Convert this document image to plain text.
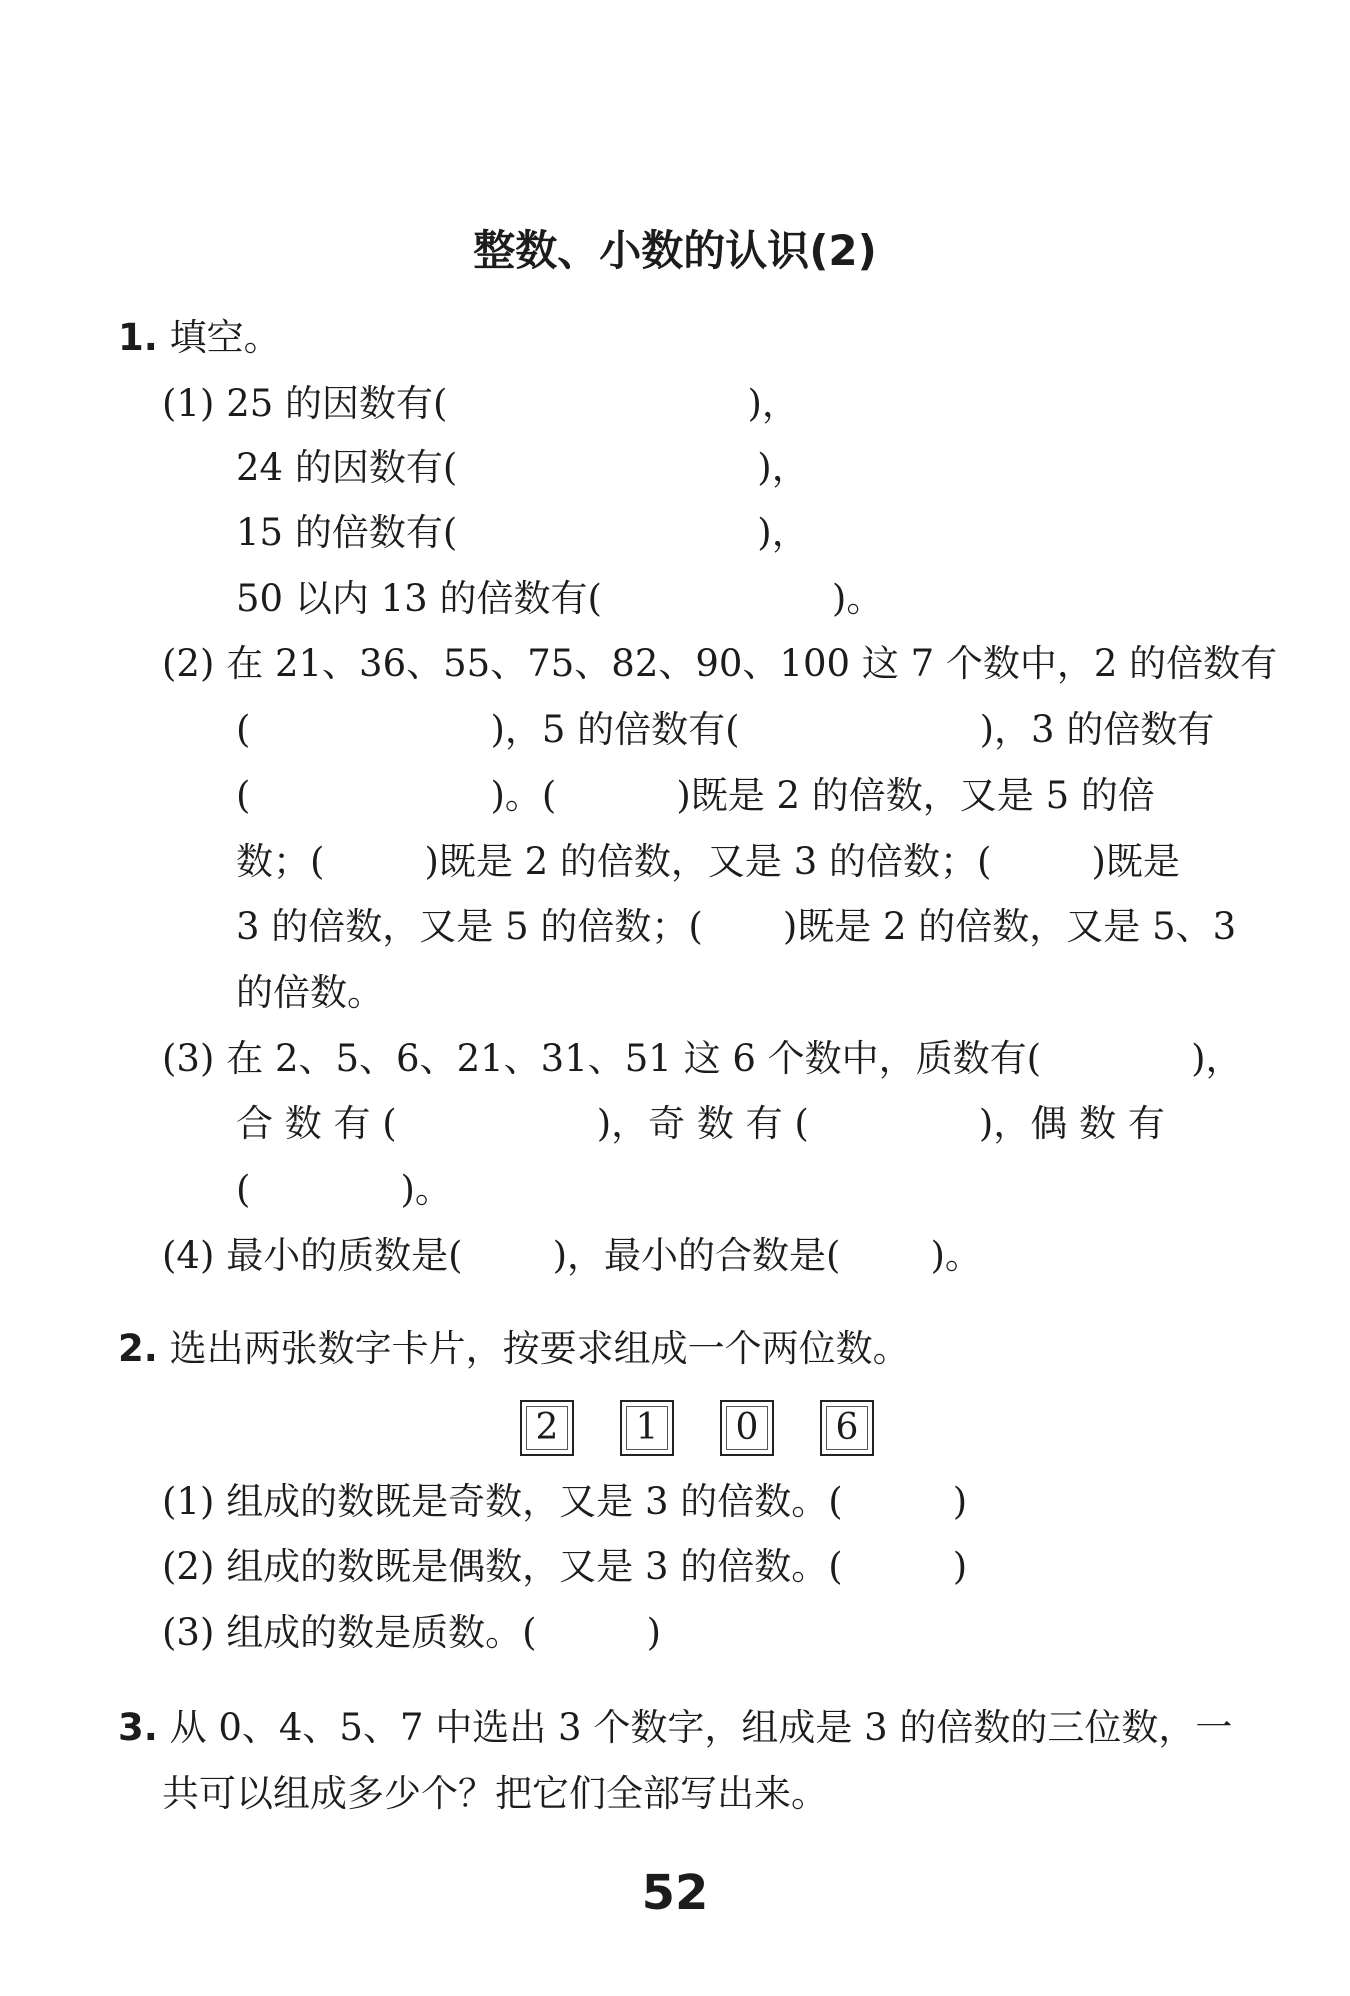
整数、小数的认识(2)
1. 填空。
(1) 25 的因数有(	)，
24 的因数有(	)，
15 的倍数有(	)，
50 以内 13 的倍数有(	)。
(2) 在 21、36、55、75、82、90、100 这 7 个数中，2 的倍数有
(	)，5 的倍数有(	)，3 的倍数有
(	)。(	)既是 2 的倍数，又是 5 的倍
数；(	)既是 2 的倍数，又是 3 的倍数；(	)既是
3 的倍数，又是 5 的倍数；( )既是 2 的倍数，又是 5、3
的倍数。
(3) 在 2、5、6、21、31、51 这 6 个数中，质数有(	)，
合 数 有 (	)，奇 数 有 (	)，偶 数 有
(	)。
(4) 最小的质数是( )，最小的合数是( )。
2. 选出两张数字卡片，按要求组成一个两位数。
2	1	0	6
(1) 组成的数既是奇数，又是 3 的倍数。(	)
(2) 组成的数既是偶数，又是 3 的倍数。(	)
(3) 组成的数是质数。(	)
3. 从 0、4、5、7 中选出 3 个数字，组成是 3 的倍数的三位数，一
共可以组成多少个？把它们全部写出来。
52
